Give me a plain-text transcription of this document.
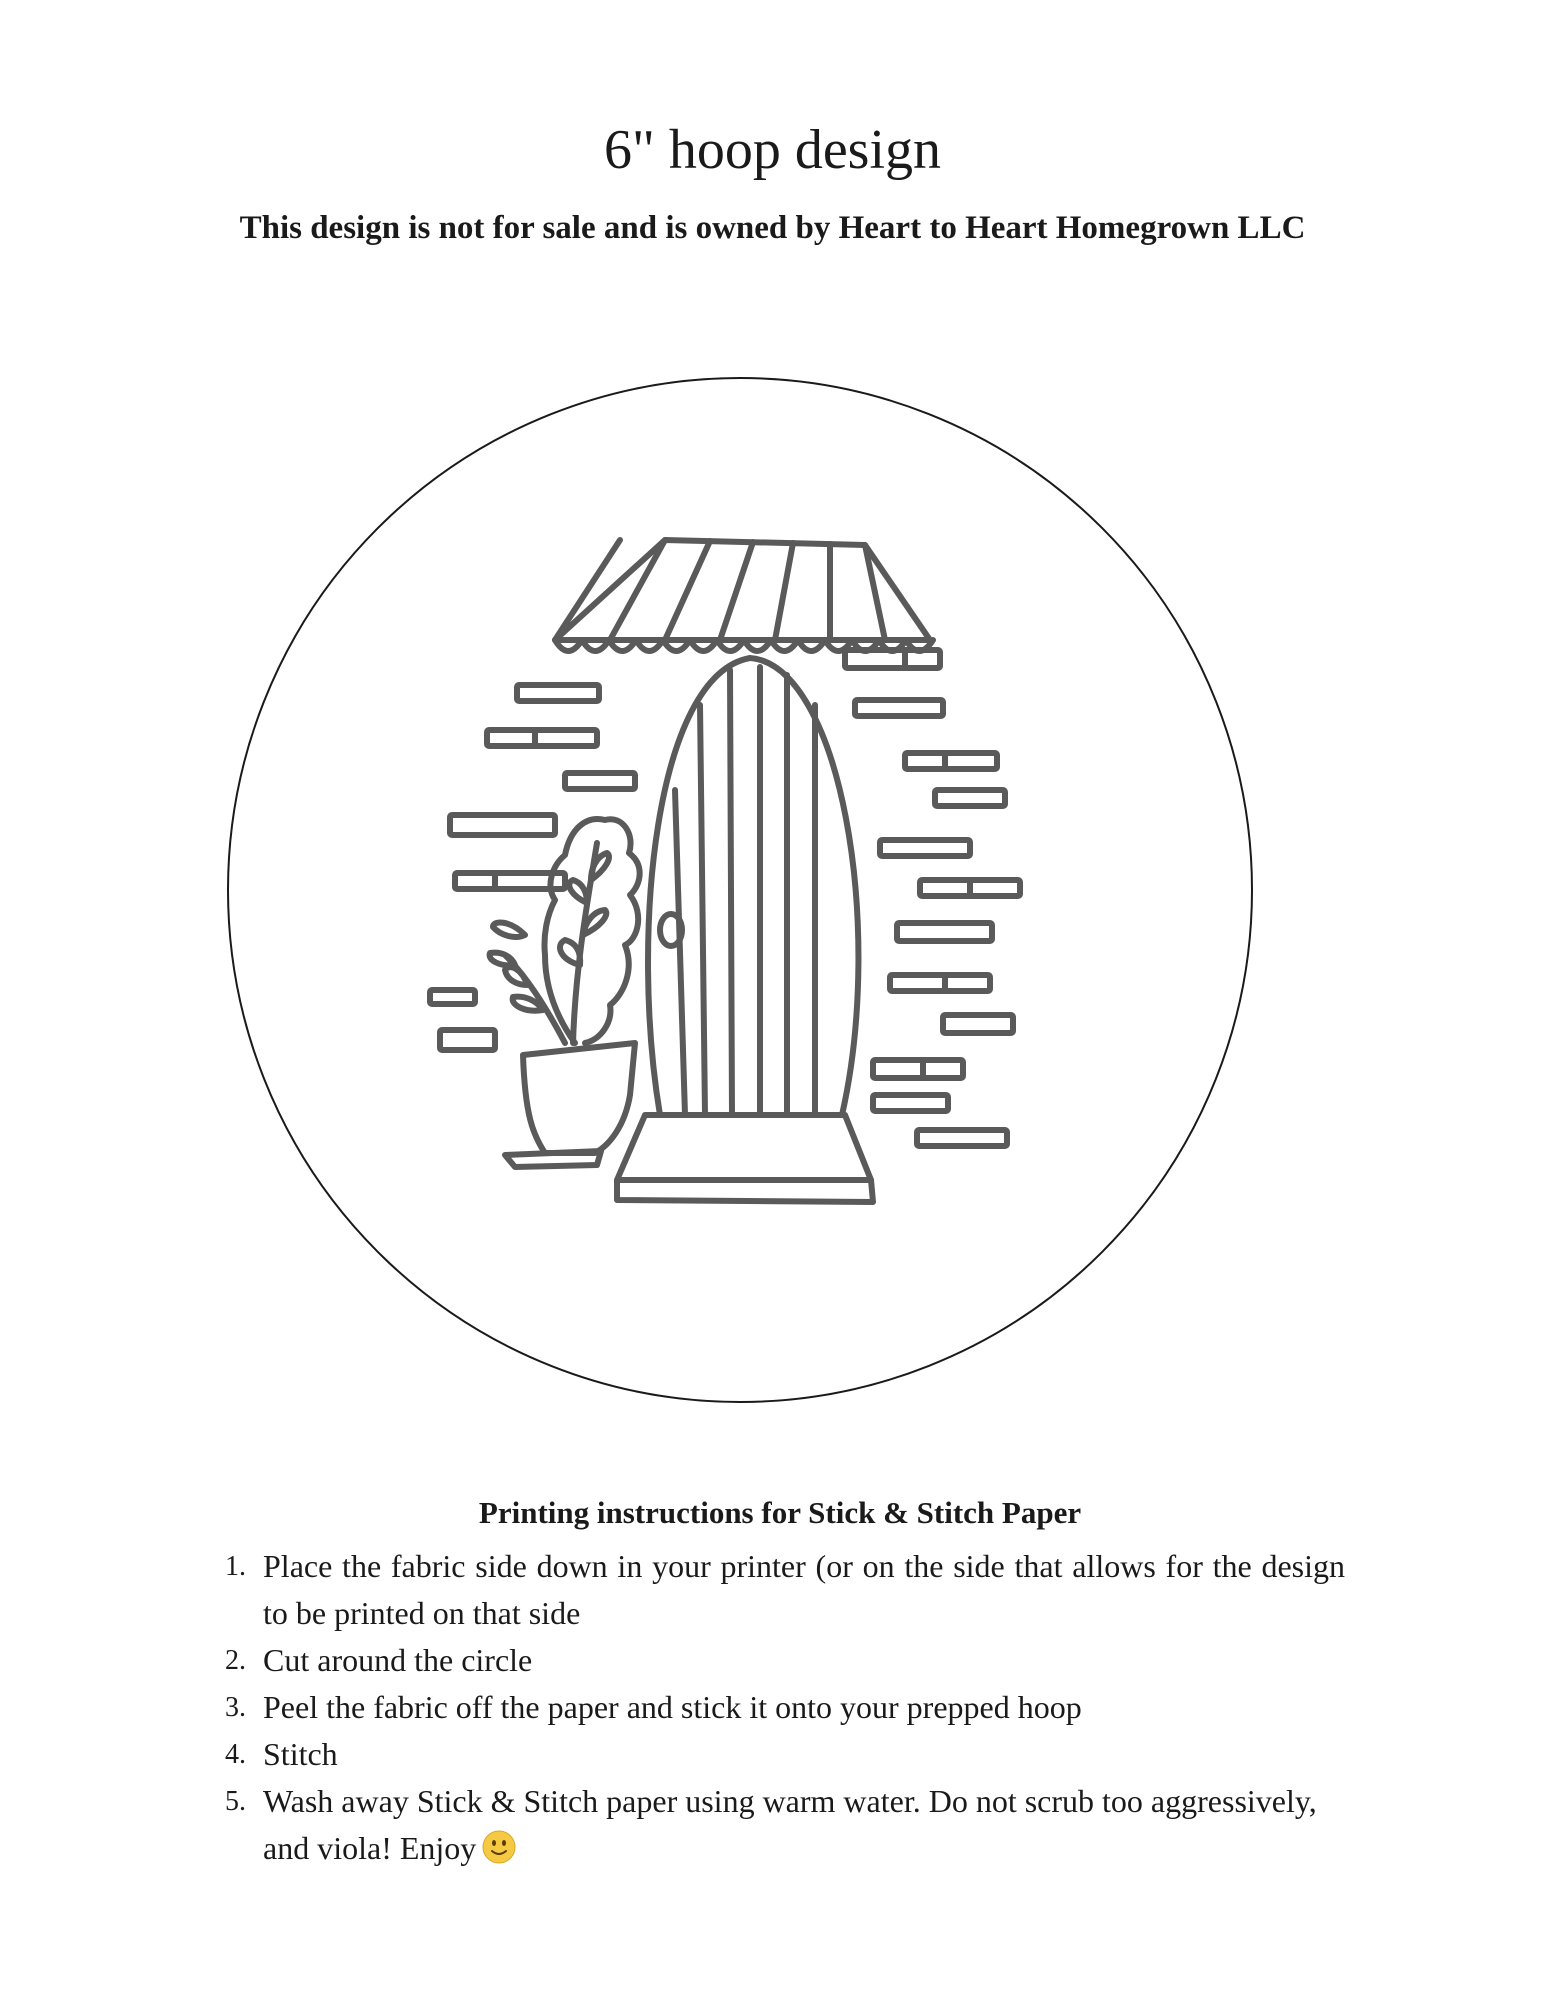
6" hoop design

This design is not for sale and is owned by Heart to Heart Homegrown LLC

Printing instructions for Stick & Stitch Paper
1. Place the fabric side down in your printer (or on the side that allows for the design to be printed on that side
2. Cut around the circle
3. Peel the fabric off the paper and stick it onto your prepped hoop
4. Stitch
5. Wash away Stick & Stitch paper using warm water. Do not scrub too aggressively, and viola! Enjoy
